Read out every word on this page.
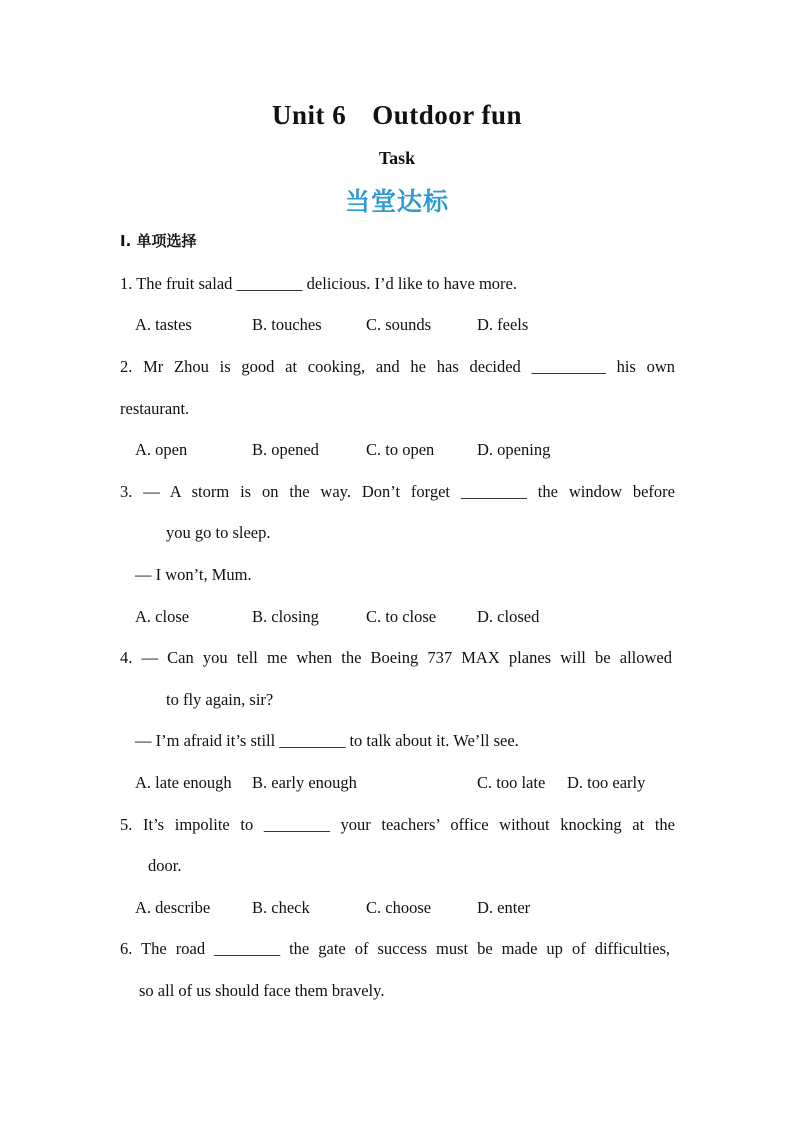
Unit 6 Outdoor fun
Task
当堂达标
Ⅰ. 单项选择
1. The fruit salad ________ delicious. I’d like to have more.
A. tastes	B. touches	C. sounds	D. feels
2. Mr Zhou is good at cooking, and he has decided _________ his own
restaurant.
A. open	B. opened	C. to open	D. opening
3. — A storm is on the way. Don’t forget ________ the window before
you go to sleep.
— I won’t, Mum.
A. close	B. closing	C. to close D. closed
4. — Can you tell me when the Boeing 737 MAX planes will be allowed
to fly again, sir?
— I’m afraid it’s still ________ to talk about it. We’ll see.
A. late enough B. early enough	C. too late D. too early
5. It’s impolite to ________ your teachers’ office without knocking at the
door.
A. describe	B. check	C. choose	D. enter
6. The road ________ the gate of success must be made up of difficulties,
so all of us should face them bravely.
